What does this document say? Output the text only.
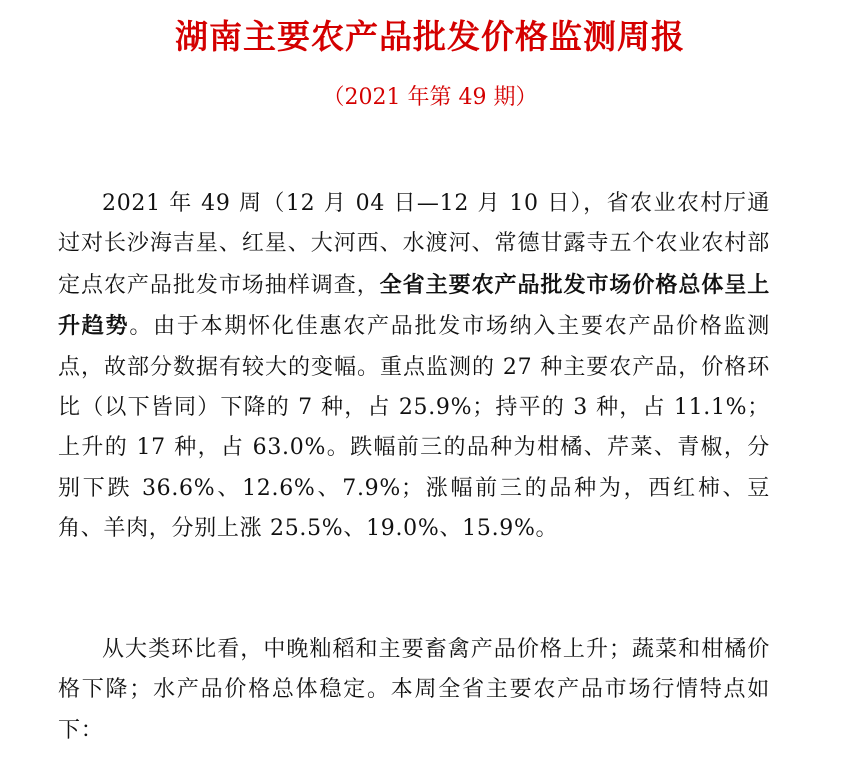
湖南主要农产品批发价格监测周报
（2021 年第 49 期）

2021 年 49 周（12 月 04 日—12 月 10 日），省农业农村厅通过对长沙海吉星、红星、大河西、水渡河、常德甘露寺五个农业农村部定点农产品批发市场抽样调查，全省主要农产品批发市场价格总体呈上升趋势。由于本期怀化佳惠农产品批发市场纳入主要农产品价格监测点，故部分数据有较大的变幅。重点监测的 27 种主要农产品，价格环比（以下皆同）下降的 7 种，占 25.9%；持平的 3 种，占 11.1%；上升的 17 种，占 63.0%。跌幅前三的品种为柑橘、芹菜、青椒，分别下跌 36.6%、12.6%、7.9%；涨幅前三的品种为，西红柿、豆角、羊肉，分别上涨 25.5%、19.0%、15.9%。

从大类环比看，中晚籼稻和主要畜禽产品价格上升；蔬菜和柑橘价格下降；水产品价格总体稳定。本周全省主要农产品市场行情特点如下：
